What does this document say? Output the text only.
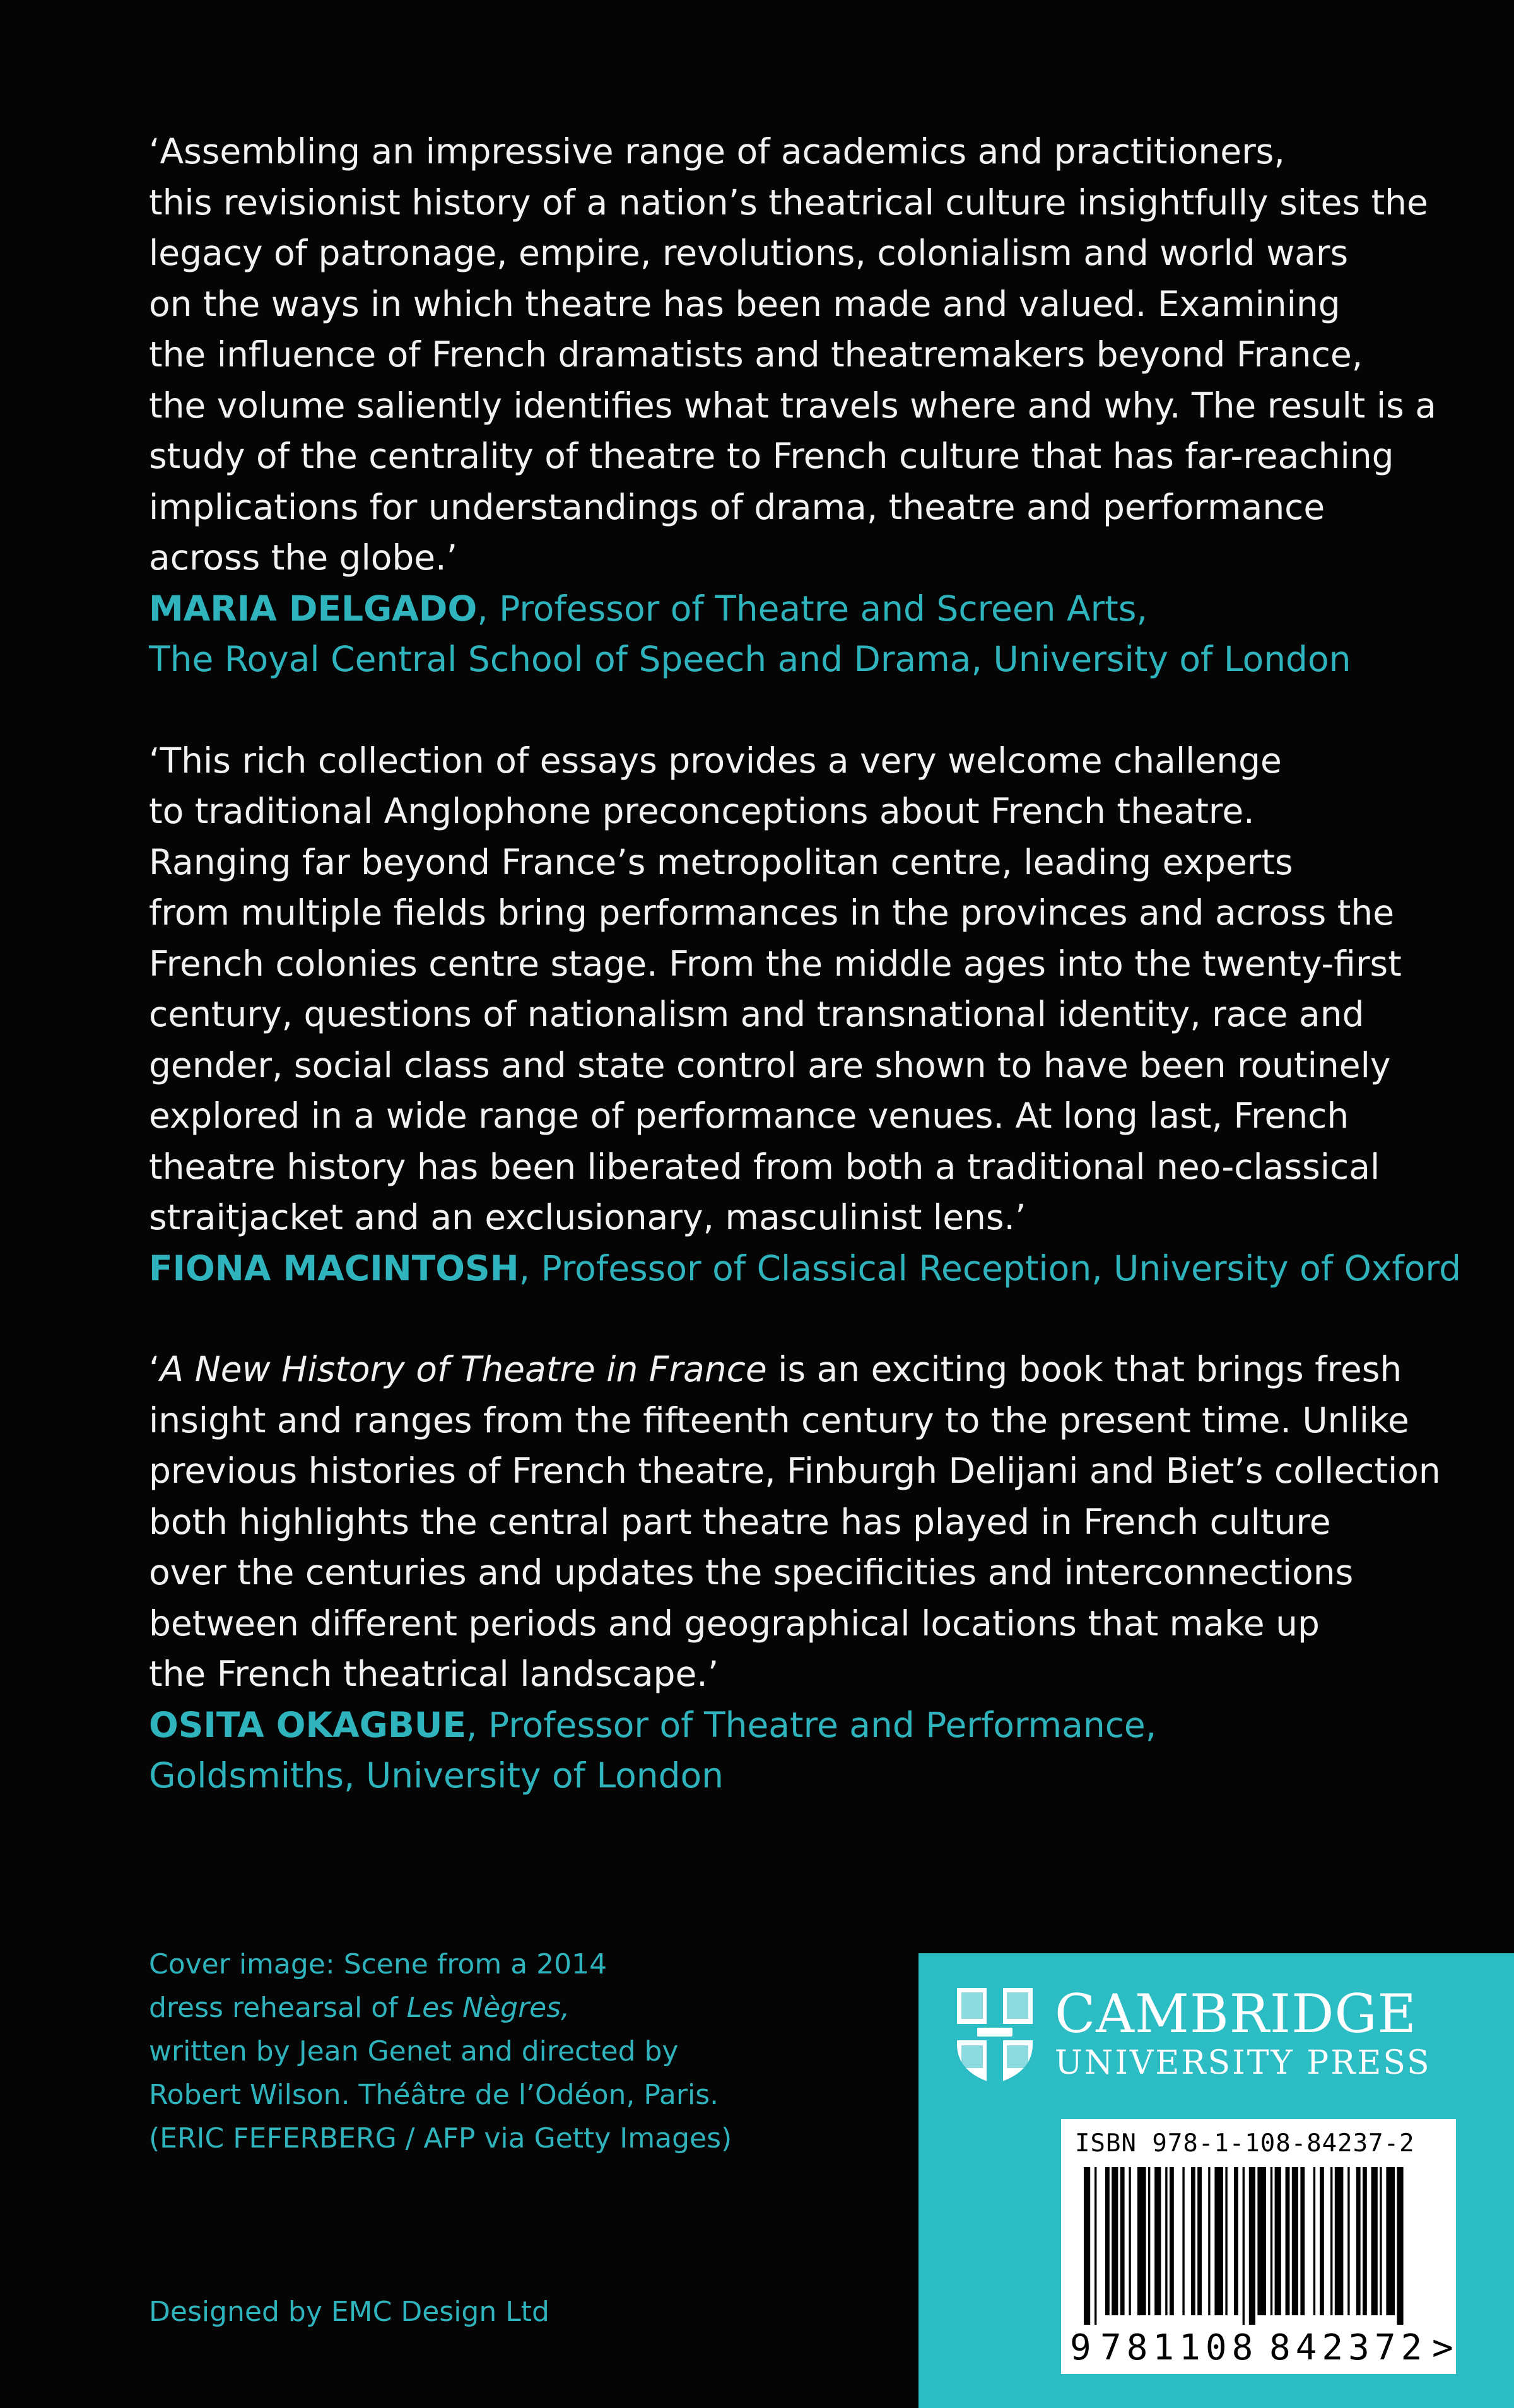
‘Assembling an impressive range of academics and practitioners,

this revisionist history of a nation’s theatrical culture insightfully sites the

legacy of patronage, empire, revolutions, colonialism and world wars

on the ways in which theatre has been made and valued. Examining

the influence of French dramatists and theatremakers beyond France,

the volume saliently identifies what travels where and why. The result is a

study of the centrality of theatre to French culture that has far-reaching

implications for understandings of drama, theatre and performance

across the globe.’

MARIA DELGADO, Professor of Theatre and Screen Arts,

The Royal Central School of Speech and Drama, University of London

‘This rich collection of essays provides a very welcome challenge

to traditional Anglophone preconceptions about French theatre.

Ranging far beyond France’s metropolitan centre, leading experts

from multiple fields bring performances in the provinces and across the

French colonies centre stage. From the middle ages into the twenty-first

century, questions of nationalism and transnational identity, race and

gender, social class and state control are shown to have been routinely

explored in a wide range of performance venues. At long last, French

theatre history has been liberated from both a traditional neo-classical

straitjacket and an exclusionary, masculinist lens.’

FIONA MACINTOSH, Professor of Classical Reception, University of Oxford

‘A New History of Theatre in France is an exciting book that brings fresh

insight and ranges from the fifteenth century to the present time. Unlike

previous histories of French theatre, Finburgh Delijani and Biet’s collection

both highlights the central part theatre has played in French culture

over the centuries and updates the specificities and interconnections

between different periods and geographical locations that make up

the French theatrical landscape.’

OSITA OKAGBUE, Professor of Theatre and Performance,

Goldsmiths, University of London

Cover image: Scene from a 2014
dress rehearsal of Les Nègres,
written by Jean Genet and directed by
Robert Wilson. Théâtre de l’Odéon, Paris.
(ERIC FEFERBERG / AFP via Getty Images)
Designed by EMC Design Ltd
CAMBRIDGE
UNIVERSITY PRESS
ISBN 978-1-108-84237-2
9 781108 842372 >
